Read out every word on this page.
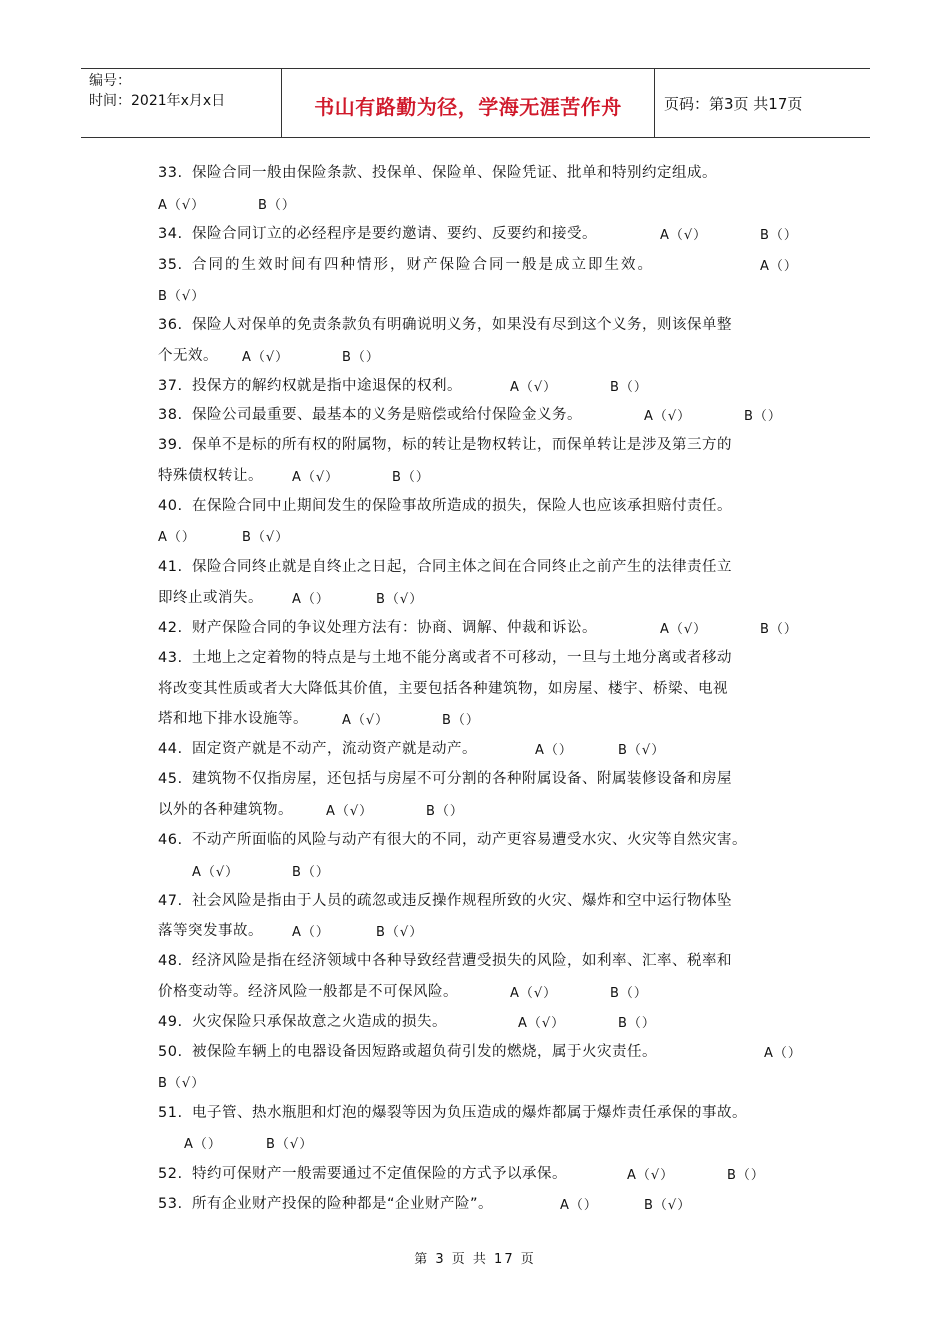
编号：
时间：2021年x月x日	书山有路勤为径，学海无涯苦作舟	页码：第3页 共17页
33. 保险合同一般由保险条款、投保单、保险单、保险凭证、批单和特别约定组成。
A（√）	B（）
34. 保险合同订立的必经程序是要约邀请、要约、反要约和接受。	A（√）	B（）
35. 合同的生效时间有四种情形，财产保险合同一般是成立即生效。	A（）
B（√）
36. 保险人对保单的免责条款负有明确说明义务，如果没有尽到这个义务，则该保单整
个无效。 A（√）	B（）
37. 投保方的解约权就是指中途退保的权利。	A（√）	B（）
38. 保险公司最重要、最基本的义务是赔偿或给付保险金义务。	A（√）	B（）
39. 保单不是标的所有权的附属物，标的转让是物权转让，而保单转让是涉及第三方的
特殊债权转让。 A（√）	B（）
40. 在保险合同中止期间发生的保险事故所造成的损失，保险人也应该承担赔付责任。
A（）	B（√）
41. 保险合同终止就是自终止之日起，合同主体之间在合同终止之前产生的法律责任立
即终止或消失。 A（）	B（√）
42. 财产保险合同的争议处理方法有：协商、调解、仲裁和诉讼。	A（√）	B（）
43. 土地上之定着物的特点是与土地不能分离或者不可移动，一旦与土地分离或者移动
将改变其性质或者大大降低其价值，主要包括各种建筑物，如房屋、楼宇、桥梁、电视
塔和地下排水设施等。	A（√）	B（）
44. 固定资产就是不动产，流动资产就是动产。	A（）	B（√）
45. 建筑物不仅指房屋，还包括与房屋不可分割的各种附属设备、附属装修设备和房屋
以外的各种建筑物。	A（√）	B（）
46. 不动产所面临的风险与动产有很大的不同，动产更容易遭受水灾、火灾等自然灾害。
A（√）	B（）
47. 社会风险是指由于人员的疏忽或违反操作规程所致的火灾、爆炸和空中运行物体坠
落等突发事故。 A（）	B（√）
48. 经济风险是指在经济领域中各种导致经营遭受损失的风险，如利率、汇率、税率和
价格变动等。经济风险一般都是不可保风险。	A（√）	B（）
49. 火灾保险只承保故意之火造成的损失。	A（√）	B（）
50. 被保险车辆上的电器设备因短路或超负荷引发的燃烧，属于火灾责任。	A（）
B（√）
51. 电子管、热水瓶胆和灯泡的爆裂等因为负压造成的爆炸都属于爆炸责任承保的事故。
A（）	B（√）
52. 特约可保财产一般需要通过不定值保险的方式予以承保。	A（√）	B（）
53. 所有企业财产投保的险种都是“企业财产险”。	A（）	B（√）
第 3 页 共 17 页
